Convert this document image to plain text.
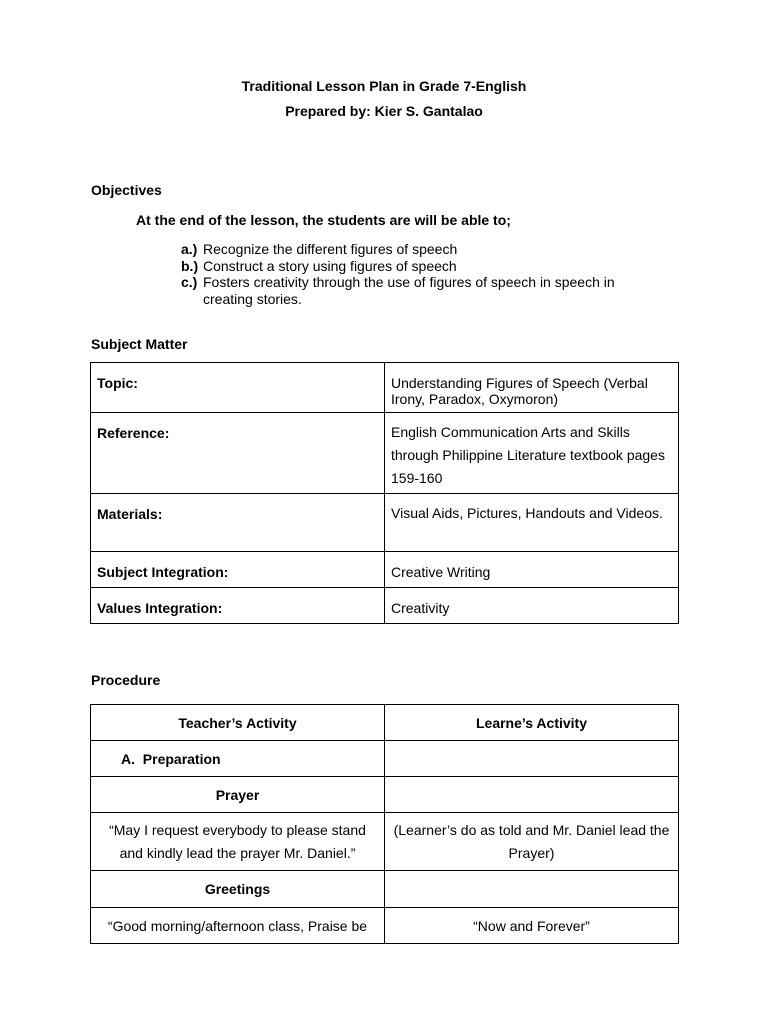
Traditional Lesson Plan in Grade 7-English
Prepared by: Kier S. Gantalao
Objectives
At the end of the lesson, the students are will be able to;
a.) Recognize the different figures of speech
b.) Construct a story using figures of speech
c.) Fosters creativity through the use of figures of speech in speech in creating stories.
Subject Matter
Topic:	Understanding Figures of Speech (Verbal Irony, Paradox, Oxymoron)
Reference:	English Communication Arts and Skills through Philippine Literature textbook pages 159-160
Materials:	Visual Aids, Pictures, Handouts and Videos.
Subject Integration:	Creative Writing
Values Integration:	Creativity
Procedure
Teacher’s Activity	Learne’s Activity
A. Preparation	
Prayer	
“May I request everybody to please stand and kindly lead the prayer Mr. Daniel.”	(Learner’s do as told and Mr. Daniel lead the Prayer)
Greetings	
“Good morning/afternoon class, Praise be	“Now and Forever”
